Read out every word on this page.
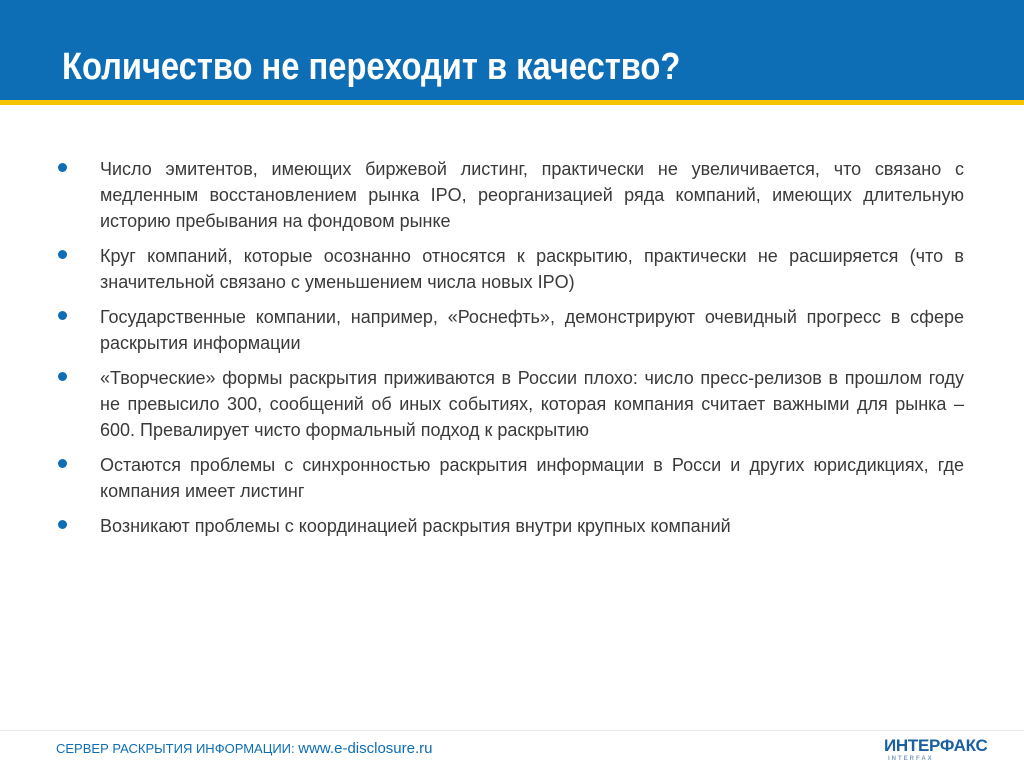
Количество не переходит в качество?
Число эмитентов, имеющих биржевой листинг, практически не увеличивается, что связано с медленным восстановлением рынка IPO, реорганизацией ряда компаний, имеющих длительную историю пребывания на фондовом рынке
Круг компаний, которые осознанно относятся к раскрытию, практически не расширяется (что в значительной связано с уменьшением числа новых IPO)
Государственные компании, например, «Роснефть», демонстрируют очевидный прогресс в сфере раскрытия информации
«Творческие» формы раскрытия приживаются в России плохо: число пресс-релизов в прошлом году не превысило 300, сообщений об иных событиях, которая компания считает важными для рынка – 600. Превалирует чисто формальный подход к раскрытию
Остаются проблемы с синхронностью раскрытия информации в Росси и других юрисдикциях, где компания имеет листинг
Возникают проблемы с координацией раскрытия внутри крупных компаний
СЕРВЕР РАСКРЫТИЯ ИНФОРМАЦИИ: www.e-disclosure.ru	ИНТЕРФАКС
INTERFAX
